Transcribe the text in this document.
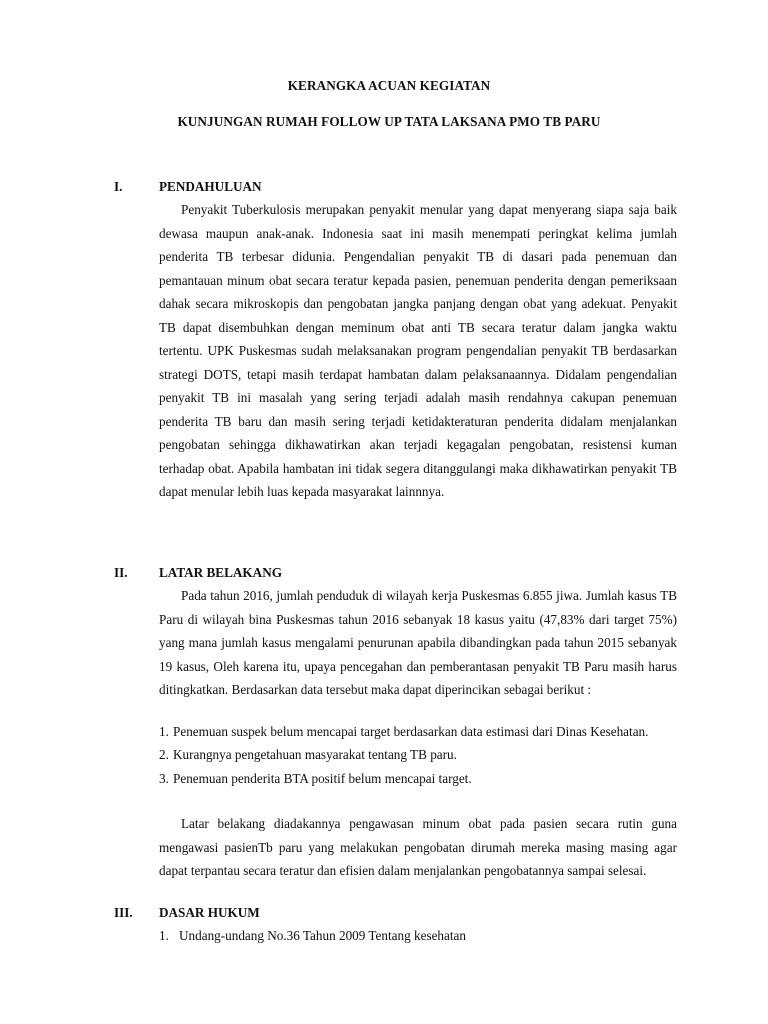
KERANGKA ACUAN KEGIATAN
KUNJUNGAN RUMAH FOLLOW UP TATA LAKSANA PMO TB PARU
I.	PENDAHULUAN

Penyakit Tuberkulosis merupakan penyakit menular yang dapat menyerang siapa saja baik dewasa maupun anak-anak. Indonesia saat ini masih menempati peringkat kelima jumlah penderita TB terbesar didunia. Pengendalian penyakit TB di dasari pada penemuan dan pemantauan minum obat secara teratur kepada pasien, penemuan penderita dengan pemeriksaan dahak secara mikroskopis dan pengobatan jangka panjang dengan obat yang adekuat. Penyakit TB dapat disembuhkan dengan meminum obat anti TB secara teratur dalam jangka waktu tertentu. UPK Puskesmas sudah melaksanakan program pengendalian penyakit TB berdasarkan strategi DOTS, tetapi masih terdapat hambatan dalam pelaksanaannya. Didalam pengendalian penyakit TB ini masalah yang sering terjadi adalah masih rendahnya cakupan penemuan penderita TB baru dan masih sering terjadi ketidakteraturan penderita didalam menjalankan pengobatan sehingga dikhawatirkan akan terjadi kegagalan pengobatan, resistensi kuman terhadap obat. Apabila hambatan ini tidak segera ditanggulangi maka dikhawatirkan penyakit TB dapat menular lebih luas kepada masyarakat lainnnya.

II. LATAR BELAKANG

Pada tahun 2016, jumlah penduduk di wilayah kerja Puskesmas 6.855 jiwa. Jumlah kasus TB Paru di wilayah bina Puskesmas tahun 2016 sebanyak 18 kasus yaitu (47,83% dari target 75%) yang mana jumlah kasus mengalami penurunan apabila dibandingkan pada tahun 2015 sebanyak 19 kasus, Oleh karena itu, upaya pencegahan dan pemberantasan penyakit TB Paru masih harus ditingkatkan. Berdasarkan data tersebut maka dapat diperincikan sebagai berikut :

1. Penemuan suspek belum mencapai target berdasarkan data estimasi dari Dinas Kesehatan.
2. Kurangnya pengetahuan masyarakat tentang TB paru.
3. Penemuan penderita BTA positif belum mencapai target.

Latar belakang diadakannya pengawasan minum obat pada pasien secara rutin guna mengawasi pasienTb paru yang melakukan pengobatan dirumah mereka masing masing agar dapat terpantau secara teratur dan efisien dalam menjalankan pengobatannya sampai selesai.

III. DASAR HUKUM
1. Undang-undang No.36 Tahun 2009 Tentang kesehatan
